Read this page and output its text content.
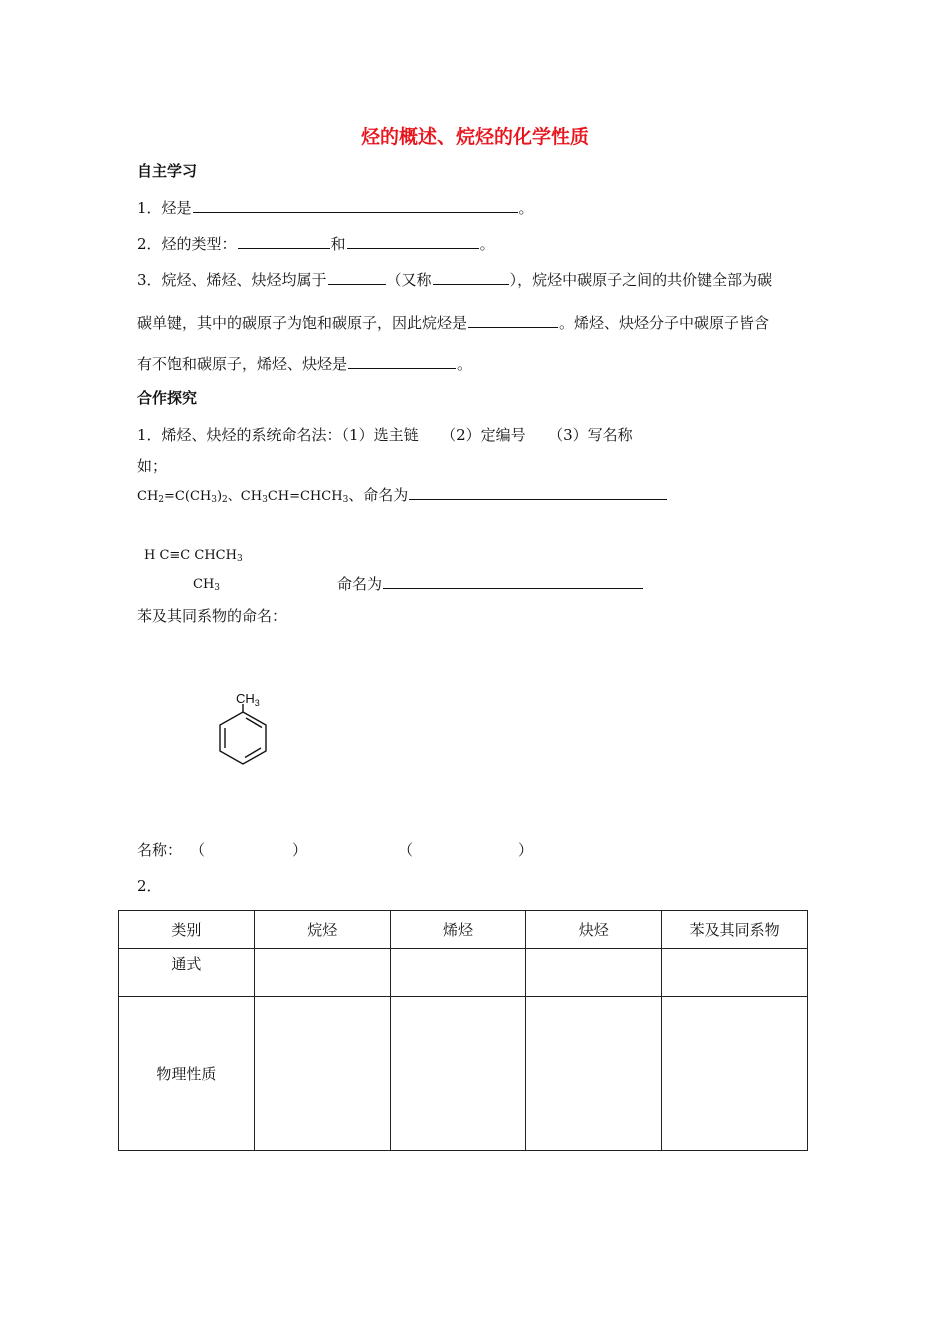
烃的概述、烷烃的化学性质
自主学习
1．烃是	。
2．烃的类型：	和	。
3．烷烃、烯烃、炔烃均属于	（又称	），烷烃中碳原子之间的共价键全部为碳
碳单键，其中的碳原子为饱和碳原子，因此烷烃是	。烯烃、炔烃分子中碳原子皆含
有不饱和碳原子，烯烃、炔烃是	。
合作探究
1．烯烃、炔烃的系统命名法：（1）选主链　　（2）定编号　　（3）写名称
如；
$CH_2=C(CH_3)_2$、$CH_3CH=CHCH_3$、命名为
H C≡C $CHCH_3$
$CH_3$	命名为
苯及其同系物的命名：
$CH_3$
名称： （	）	（	）
2．
类别	烷烃	烯烃	炔烃	苯及其同系物
通式				
物理性质				
